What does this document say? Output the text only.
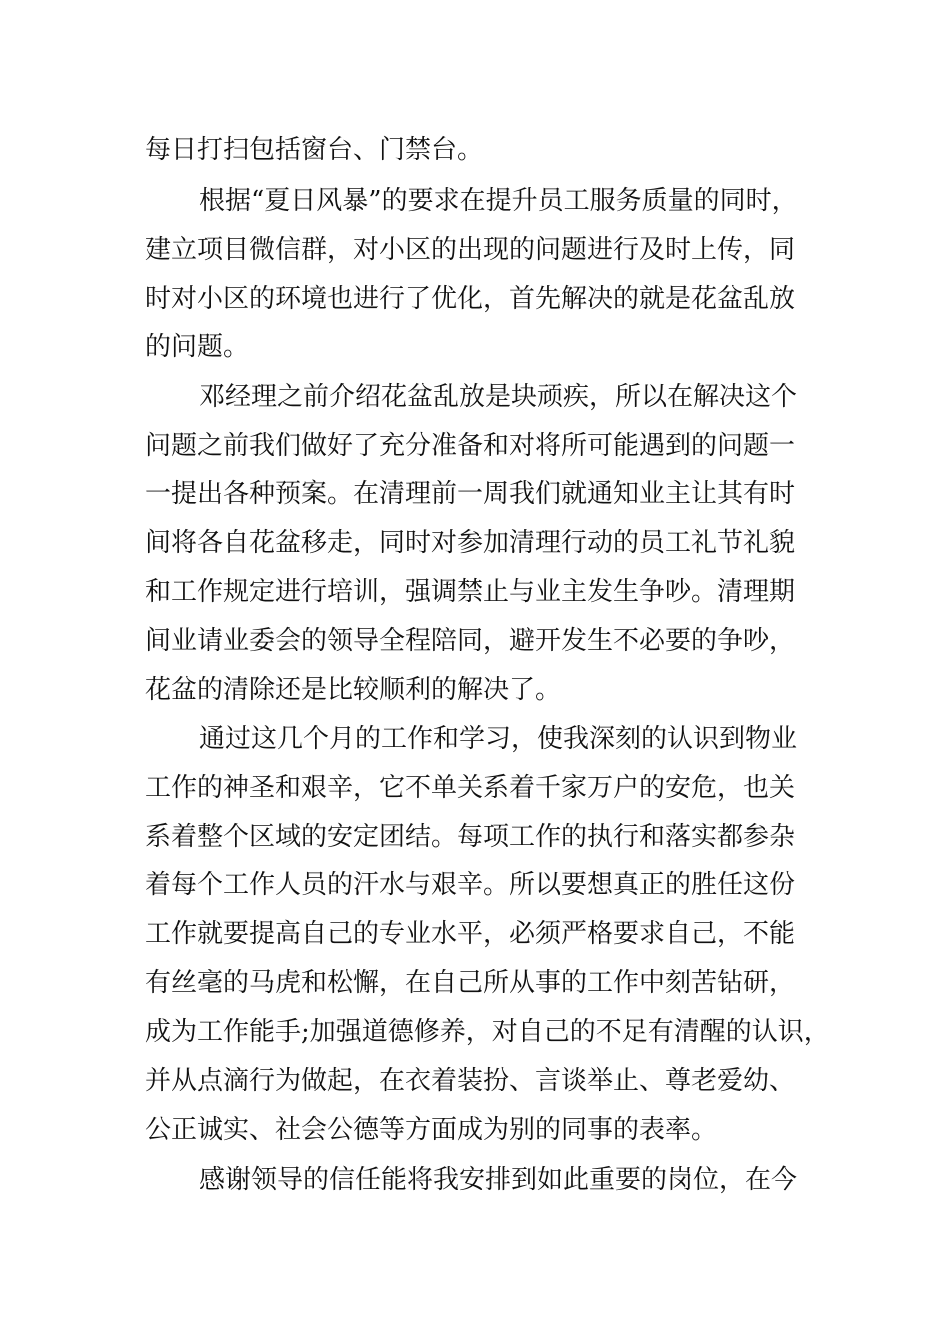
每日打扫包括窗台、门禁台。
根据“夏日风暴”的要求在提升员工服务质量的同时，
建立项目微信群，对小区的出现的问题进行及时上传，同
时对小区的环境也进行了优化，首先解决的就是花盆乱放
的问题。
邓经理之前介绍花盆乱放是块顽疾，所以在解决这个
问题之前我们做好了充分准备和对将所可能遇到的问题一
一提出各种预案。在清理前一周我们就通知业主让其有时
间将各自花盆移走，同时对参加清理行动的员工礼节礼貌
和工作规定进行培训，强调禁止与业主发生争吵。清理期
间业请业委会的领导全程陪同，避开发生不必要的争吵，
花盆的清除还是比较顺利的解决了。
通过这几个月的工作和学习，使我深刻的认识到物业
工作的神圣和艰辛，它不单关系着千家万户的安危，也关
系着整个区域的安定团结。每项工作的执行和落实都参杂
着每个工作人员的汗水与艰辛。所以要想真正的胜任这份
工作就要提高自己的专业水平，必须严格要求自己，不能
有丝毫的马虎和松懈，在自己所从事的工作中刻苦钻研，
成为工作能手;加强道德修养，对自己的不足有清醒的认识，
并从点滴行为做起，在衣着装扮、言谈举止、尊老爱幼、
公正诚实、社会公德等方面成为别的同事的表率。
感谢领导的信任能将我安排到如此重要的岗位，在今
